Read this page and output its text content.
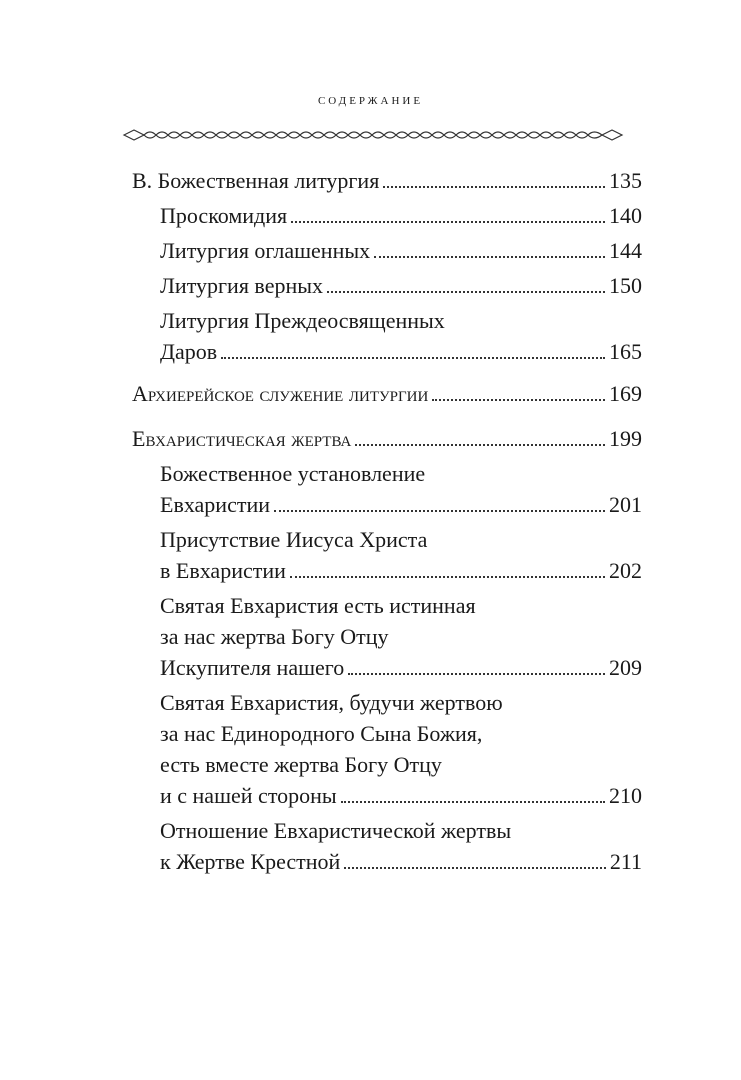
содержание
В. Божественная литургия	135
Проскомидия	140
Литургия оглашенных	144
Литургия верных	150
Литургия Преждеосвященных
Даров	165
Архиерейское служение литургии	169
Евхаристическая жертва	199
Божественное установление
Евхаристии	201
Присутствие Иисуса Христа
в Евхаристии	202
Святая Евхаристия есть истинная
за нас жертва Богу Отцу
Искупителя нашего	209
Святая Евхаристия, будучи жертвою
за нас Единородного Сына Божия,
есть вместе жертва Богу Отцу
и с нашей стороны	210
Отношение Евхаристической жертвы
к Жертве Крестной	211
